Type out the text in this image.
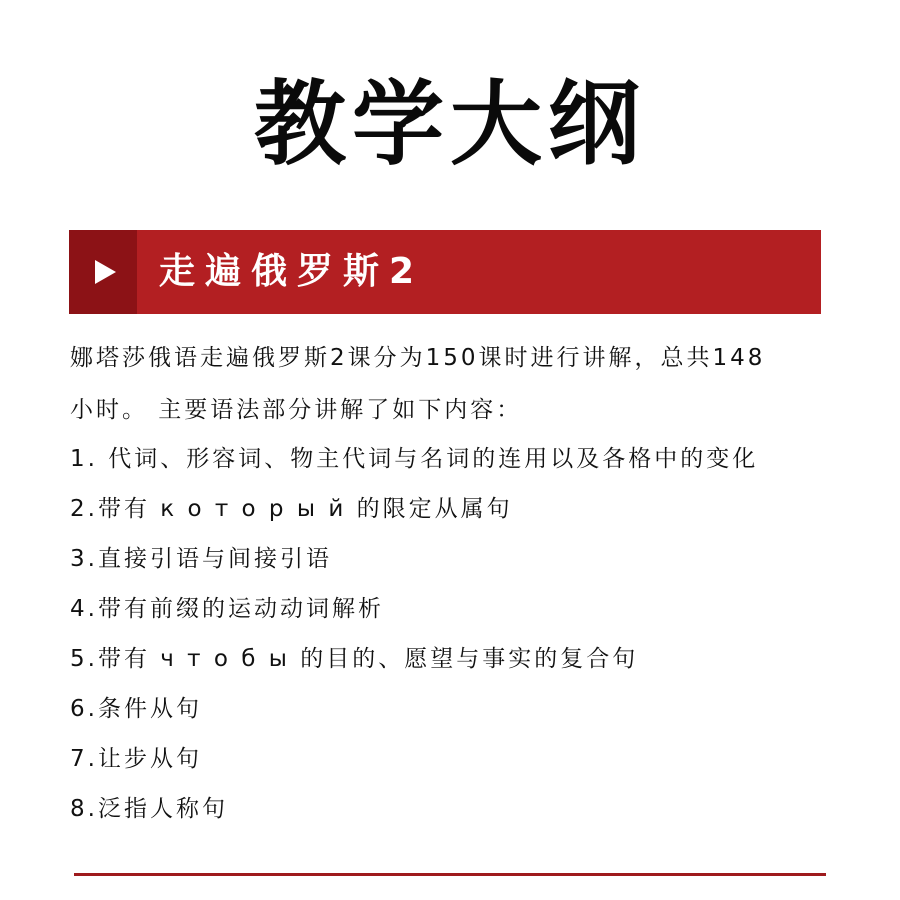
教学大纲
走遍俄罗斯2

娜塔莎俄语走遍俄罗斯2课分为150课时进行讲解，总共148

小时。 主要语法部分讲解了如下内容：

1. 代词、形容词、物主代词与名词的连用以及各格中的变化
2.带有 к о т о р ы й 的限定从属句
3.直接引语与间接引语
4.带有前缀的运动动词解析
5.带有 ч т о б ы 的目的、愿望与事实的复合句
6.条件从句
7.让步从句
8.泛指人称句
